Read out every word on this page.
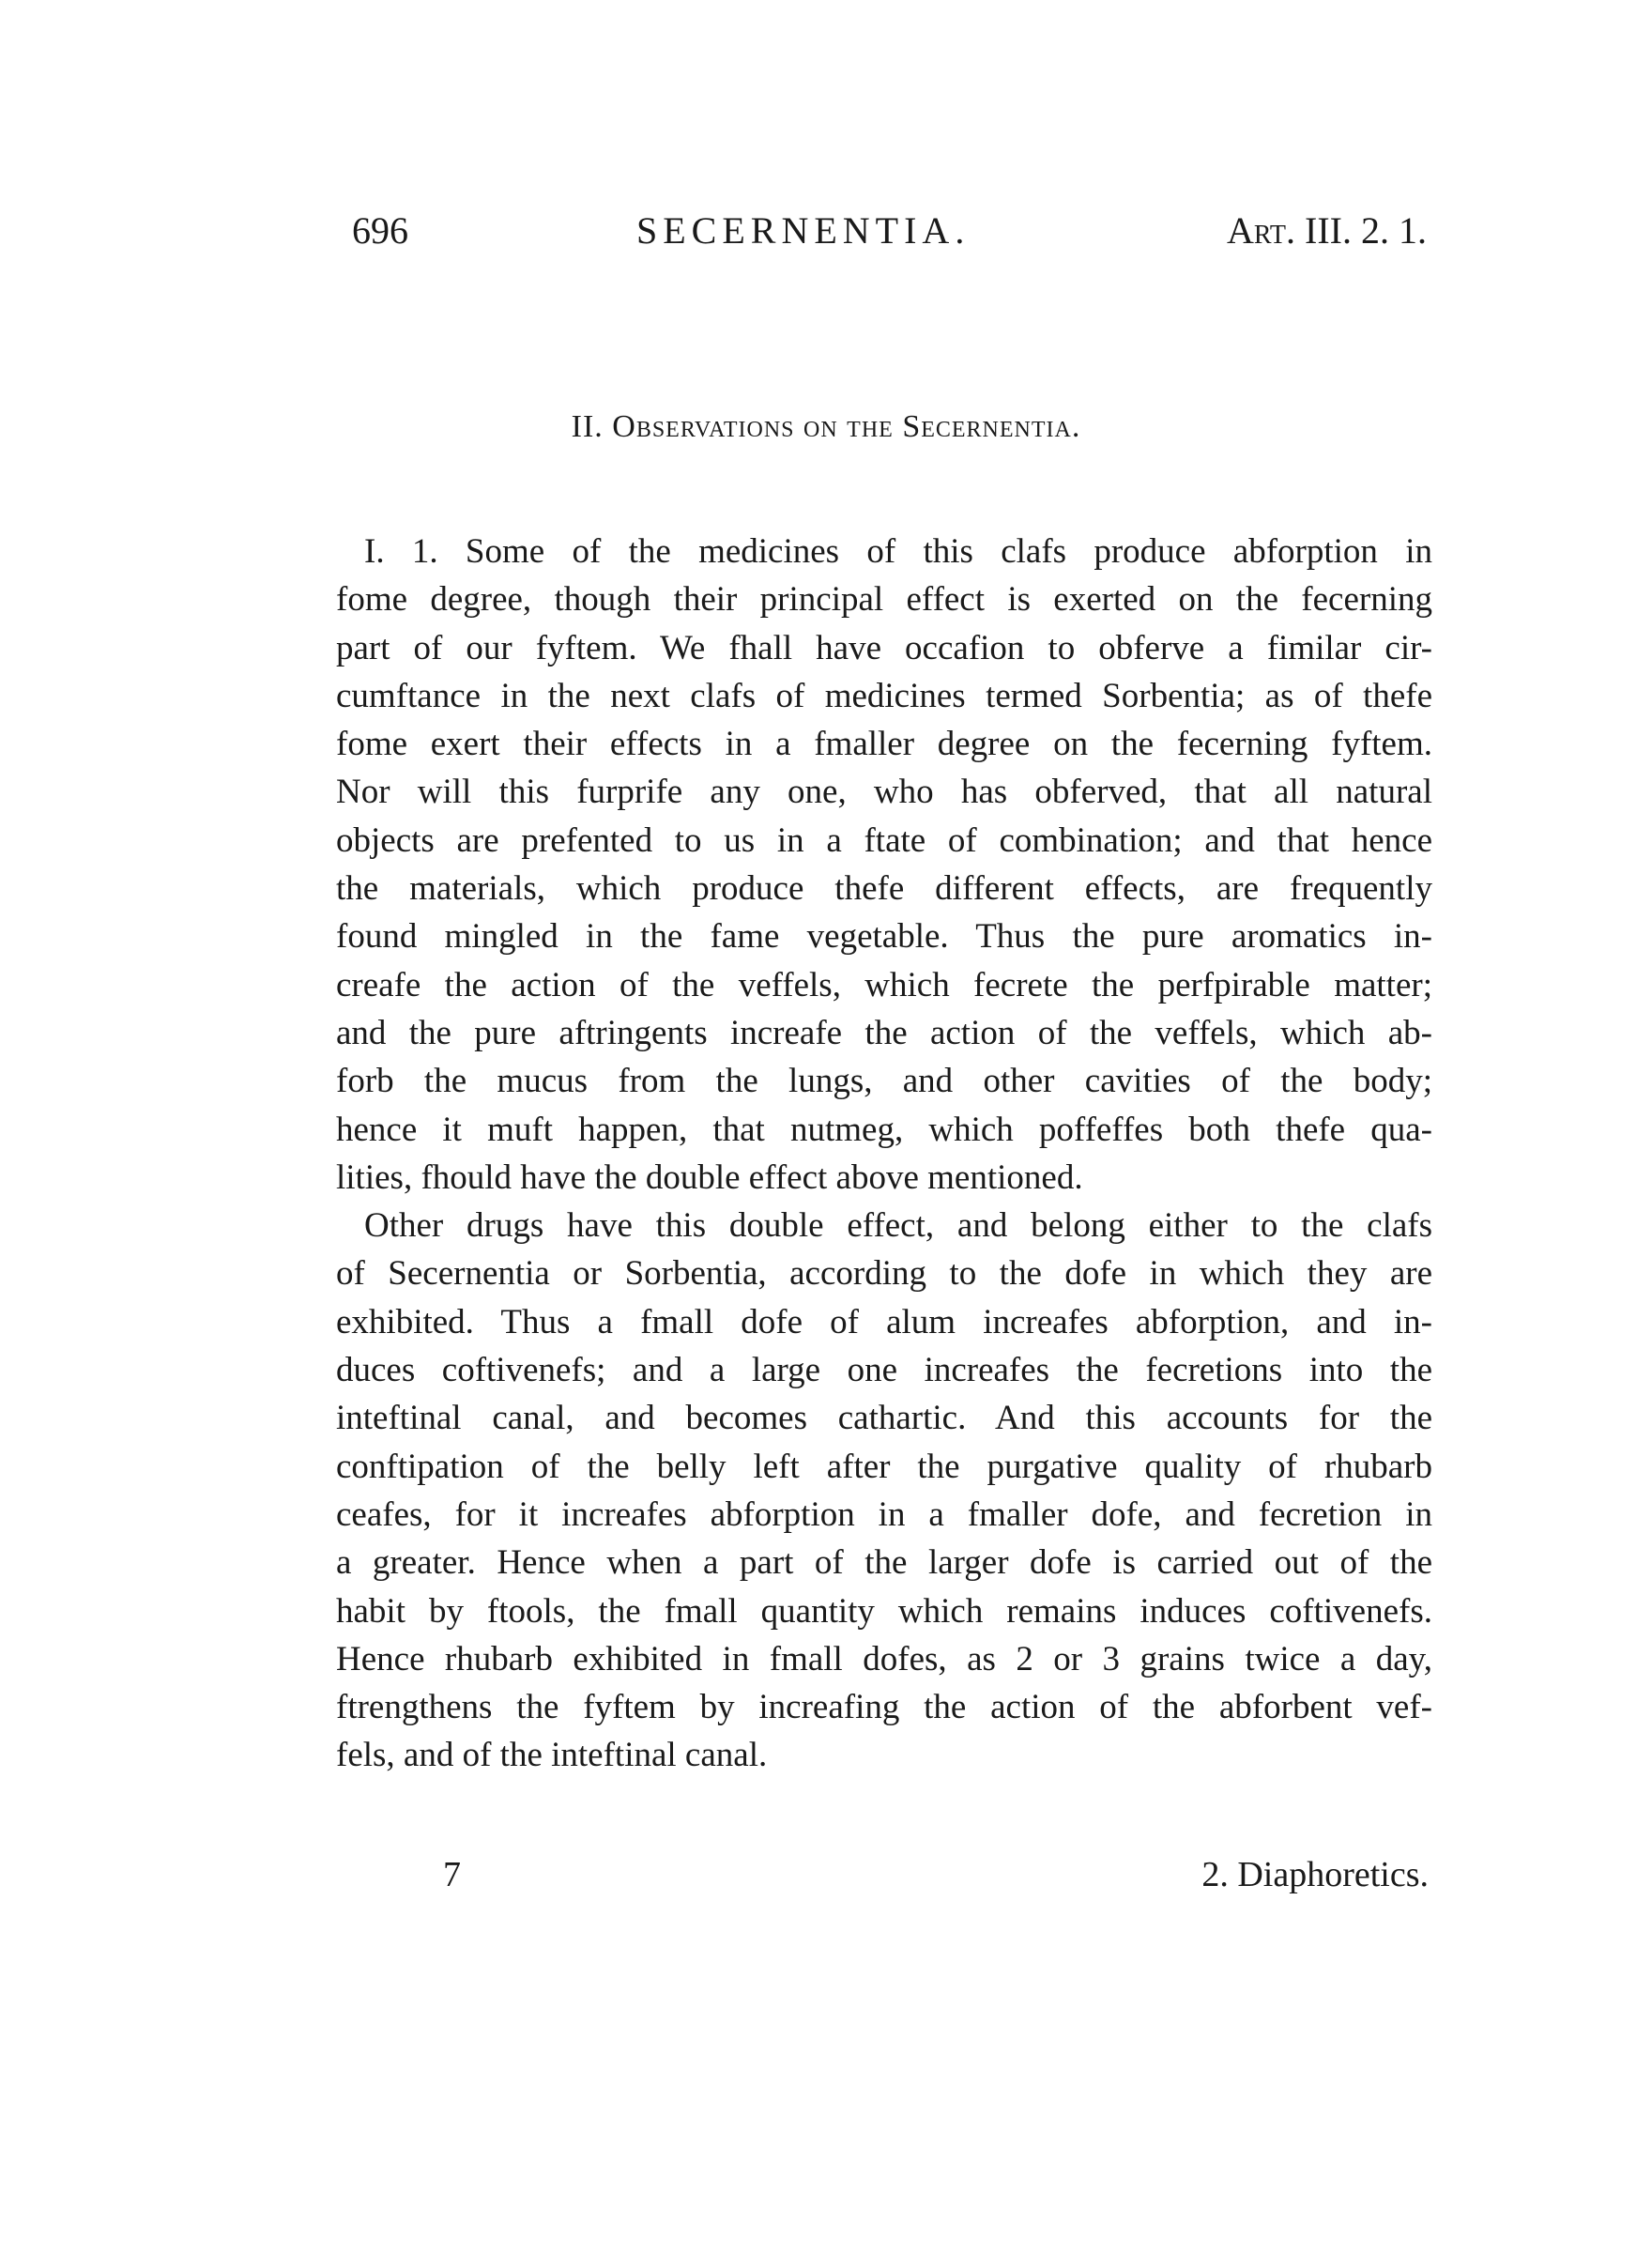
696	SECERNENTIA.	Art. III. 2. 1.
II. Observations on the Secernentia.
I. 1. Some of the medicines of this clafs produce abforption in
fome degree, though their principal effect is exerted on the fecerning
part of our fyftem. We fhall have occafion to obferve a fimilar cir-
cumftance in the next clafs of medicines termed Sorbentia; as of thefe
fome exert their effects in a fmaller degree on the fecerning fyftem.
Nor will this furprife any one, who has obferved, that all natural
objects are prefented to us in a ftate of combination; and that hence
the materials, which produce thefe different effects, are frequently
found mingled in the fame vegetable. Thus the pure aromatics in-
creafe the action of the veffels, which fecrete the perfpirable matter;
and the pure aftringents increafe the action of the veffels, which ab-
forb the mucus from the lungs, and other cavities of the body;
hence it muft happen, that nutmeg, which poffeffes both thefe qua-
lities, fhould have the double effect above mentioned.
Other drugs have this double effect, and belong either to the clafs
of Secernentia or Sorbentia, according to the dofe in which they are
exhibited. Thus a fmall dofe of alum increafes abforption, and in-
duces coftivenefs; and a large one increafes the fecretions into the
inteftinal canal, and becomes cathartic. And this accounts for the
conftipation of the belly left after the purgative quality of rhubarb
ceafes, for it increafes abforption in a fmaller dofe, and fecretion in
a greater. Hence when a part of the larger dofe is carried out of the
habit by ftools, the fmall quantity which remains induces coftivenefs.
Hence rhubarb exhibited in fmall dofes, as 2 or 3 grains twice a day,
ftrengthens the fyftem by increafing the action of the abforbent vef-
fels, and of the inteftinal canal.
7	2. Diaphoretics.
